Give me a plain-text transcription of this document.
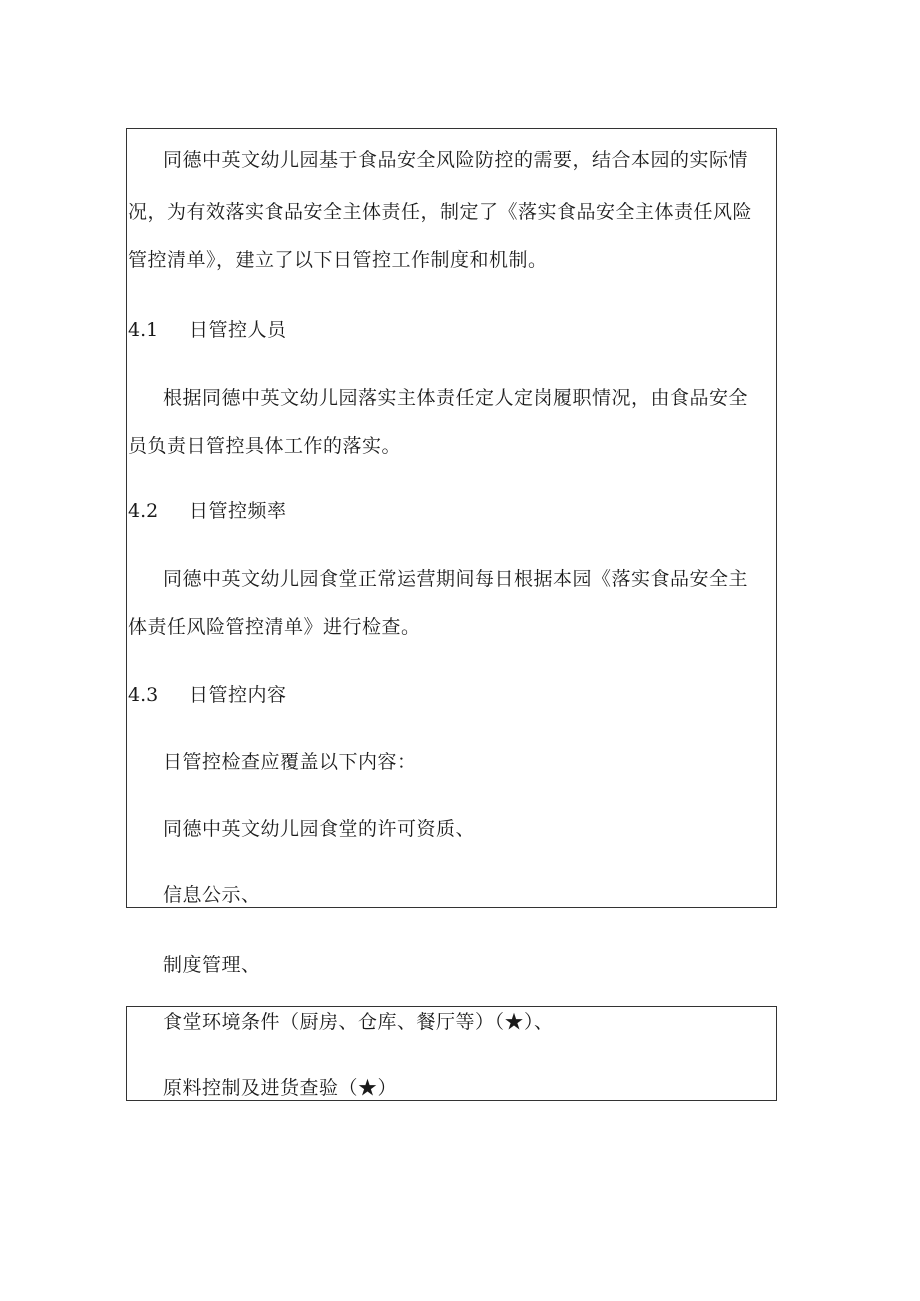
同德中英文幼儿园基于食品安全风险防控的需要，结合本园的实际情
况，为有效落实食品安全主体责任，制定了《落实食品安全主体责任风险
管控清单》，建立了以下日管控工作制度和机制。
4.1 日管控人员
根据同德中英文幼儿园落实主体责任定人定岗履职情况，由食品安全
员负责日管控具体工作的落实。
4.2 日管控频率
同德中英文幼儿园食堂正常运营期间每日根据本园《落实食品安全主
体责任风险管控清单》进行检查。
4.3 日管控内容
日管控检查应覆盖以下内容：
同德中英文幼儿园食堂的许可资质、
信息公示、
制度管理、
食堂环境条件（厨房、仓库、餐厅等）（★）、
原料控制及进货查验（★）
